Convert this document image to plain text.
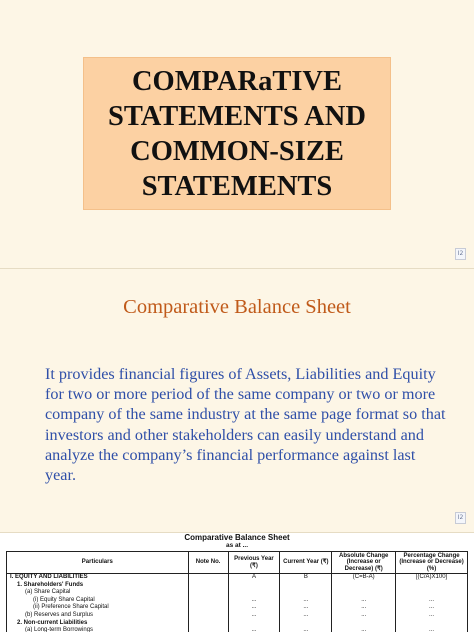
COMPARaTIVE
STATEMENTS AND
COMMON-SIZE
STATEMENTS
Ⅰ2
Comparative Balance Sheet
It provides financial figures of Assets, Liabilities and Equity for two or more period of the same company or two or more company of the same industry at the same page format so that investors and other stakeholders can easily understand and analyze the company’s financial performance against last year.
Ⅰ2
Comparative Balance Sheet
as at ...
Particulars	Note No.	Previous Year (₹)	Current Year (₹)	Absolute Change (Increase or Decrease) (₹)	Percentage Change (Increase or Decrease) (%)
I. EQUITY AND LIABILITIES		A	B	(C=B-A)	[(C/A)X100]
1. Shareholders' Funds					
(a) Share Capital					
(i) Equity Share Capital		...	...	...	...
(ii) Preference Share Capital		...	...	...	...
(b) Reserves and Surplus		...	...	...	...
2. Non-current Liabilities					
(a) Long-term Borrowings		...	...	...	...
